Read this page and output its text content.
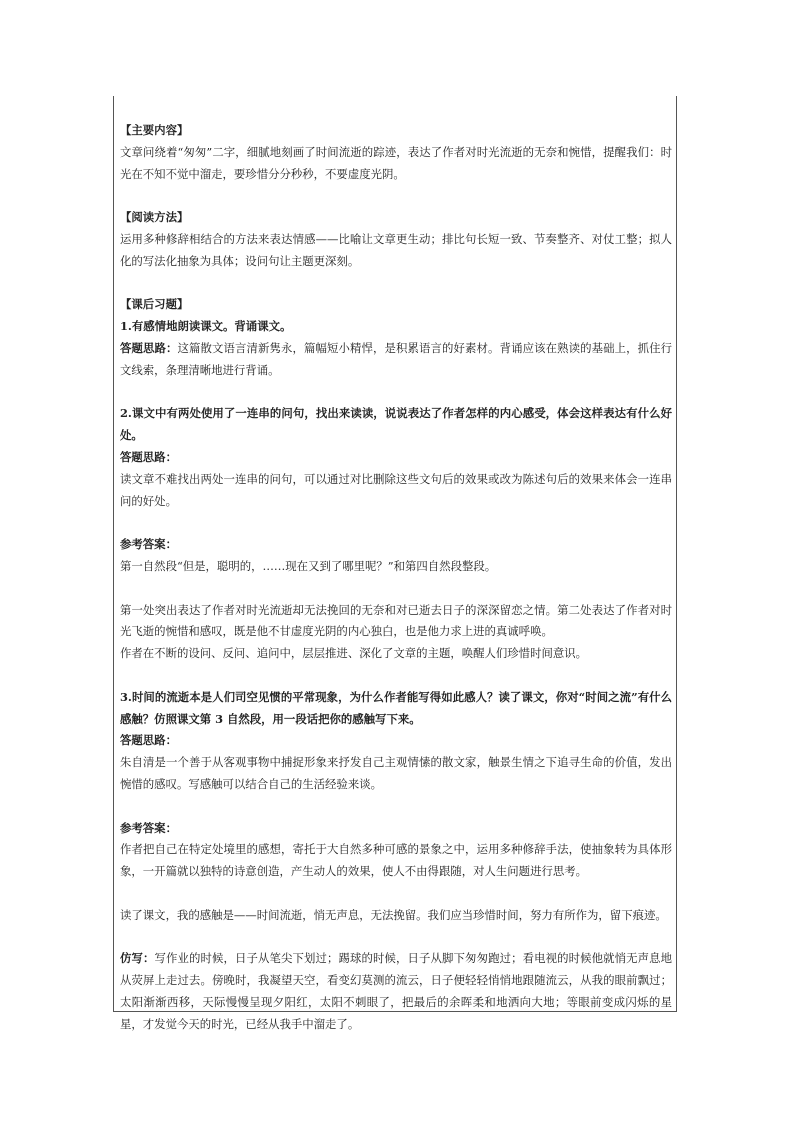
【主要内容】

文章问绕着“匆匆”二字，细腻地刻画了时间流逝的踪迹，表达了作者对时光流逝的无奈和惋惜，提醒我们：时光在不知不觉中溜走，要珍惜分分秒秒，不要虚度光阴。

【阅读方法】

运用多种修辞相结合的方法来表达情感——比喻让文章更生动；排比句长短一致、节奏整齐、对仗工整；拟人化的写法化抽象为具体；设问句让主题更深刻。

【课后习题】

1.有感情地朗读课文。背诵课文。

答题思路：这篇散文语言清新隽永，篇幅短小精悍，是积累语言的好素材。背诵应该在熟读的基础上，抓住行文线索，条理清晰地进行背诵。

2.课文中有两处使用了一连串的问句，找出来读读，说说表达了作者怎样的内心感受，体会这样表达有什么好处。

答题思路：

读文章不难找出两处一连串的问句，可以通过对比删除这些文句后的效果或改为陈述句后的效果来体会一连串问的好处。

参考答案：

第一自然段“但是，聪明的，……现在又到了哪里呢？”和第四自然段整段。

第一处突出表达了作者对时光流逝却无法挽回的无奈和对已逝去日子的深深留恋之情。第二处表达了作者对时光飞逝的惋惜和感叹，既是他不甘虚度光阴的内心独白，也是他力求上进的真诚呼唤。

作者在不断的设问、反问、追问中，层层推进、深化了文章的主题，唤醒人们珍惜时间意识。

3.时间的流逝本是人们司空见惯的平常现象，为什么作者能写得如此感人？读了课文，你对“时间之流”有什么感触？仿照课文第 3 自然段，用一段话把你的感触写下来。

答题思路：

朱自清是一个善于从客观事物中捕捉形象来抒发自己主观情愫的散文家，触景生情之下追寻生命的价值，发出惋惜的感叹。写感触可以结合自己的生活经验来谈。

参考答案：

作者把自己在特定处境里的感想，寄托于大自然多种可感的景象之中，运用多种修辞手法，使抽象转为具体形象，一开篇就以独特的诗意创造，产生动人的效果，使人不由得跟随，对人生问题进行思考。

读了课文，我的感触是——时间流逝，悄无声息，无法挽留。我们应当珍惜时间，努力有所作为，留下痕迹。

仿写：写作业的时候，日子从笔尖下划过；踢球的时候，日子从脚下匆匆跑过；看电视的时候他就悄无声息地从荧屏上走过去。傍晚时，我凝望天空，看变幻莫测的流云，日子便轻轻悄悄地跟随流云，从我的眼前飘过；太阳渐渐西移，天际慢慢呈现夕阳红，太阳不刺眼了，把最后的余晖柔和地洒向大地；等眼前变成闪烁的星星，才发觉今天的时光，已经从我手中溜走了。
